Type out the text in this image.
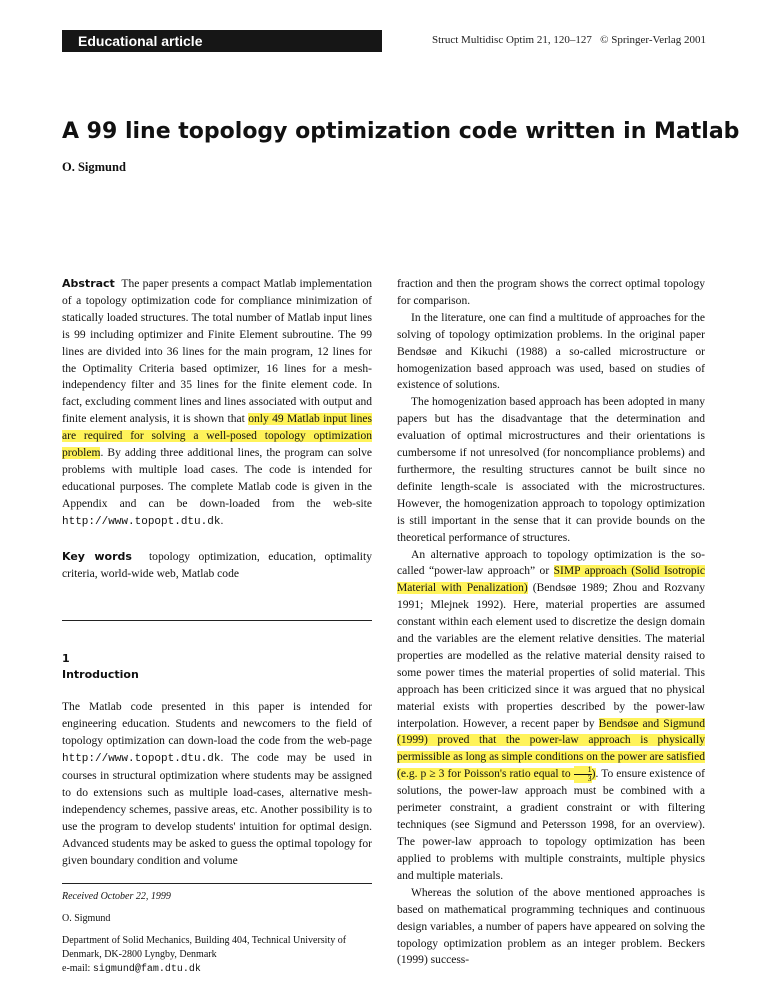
Educational article	Struct Multidisc Optim 21, 120–127 © Springer-Verlag 2001
A 99 line topology optimization code written in Matlab
O. Sigmund

Abstract The paper presents a compact Matlab implementation of a topology optimization code for compliance minimization of statically loaded structures. The total number of Matlab input lines is 99 including optimizer and Finite Element subroutine. The 99 lines are divided into 36 lines for the main program, 12 lines for the Optimality Criteria based optimizer, 16 lines for a mesh-independency filter and 35 lines for the finite element code. In fact, excluding comment lines and lines associated with output and finite element analysis, it is shown that only 49 Matlab input lines are required for solving a well-posed topology optimization problem. By adding three additional lines, the program can solve problems with multiple load cases. The code is intended for educational purposes. The complete Matlab code is given in the Appendix and can be down-loaded from the web-site http://www.topopt.dtu.dk.

Key words topology optimization, education, optimality criteria, world-wide web, Matlab code

1
Introduction

The Matlab code presented in this paper is intended for engineering education. Students and newcomers to the field of topology optimization can down-load the code from the web-page http://www.topopt.dtu.dk. The code may be used in courses in structural optimization where students may be assigned to do extensions such as multiple load-cases, alternative mesh-independency schemes, passive areas, etc. Another possibility is to use the program to develop students' intuition for optimal design. Advanced students may be asked to guess the optimal topology for given boundary condition and volume

Received October 22, 1999
O. Sigmund
Department of Solid Mechanics, Building 404, Technical University of Denmark, DK-2800 Lyngby, Denmark
e-mail: sigmund@fam.dtu.dk

fraction and then the program shows the correct optimal topology for comparison.

In the literature, one can find a multitude of approaches for the solving of topology optimization problems. In the original paper Bendsøe and Kikuchi (1988) a so-called microstructure or homogenization based approach was used, based on studies of existence of solutions.

The homogenization based approach has been adopted in many papers but has the disadvantage that the determination and evaluation of optimal microstructures and their orientations is cumbersome if not unresolved (for noncompliance problems) and furthermore, the resulting structures cannot be built since no definite length-scale is associated with the microstructures. However, the homogenization approach to topology optimization is still important in the sense that it can provide bounds on the theoretical performance of structures.

An alternative approach to topology optimization is the so-called “power-law approach” or SIMP approach (Solid Isotropic Material with Penalization) (Bendsøe 1989; Zhou and Rozvany 1991; Mlejnek 1992). Here, material properties are assumed constant within each element used to discretize the design domain and the variables are the element relative densities. The material properties are modelled as the relative material density raised to some power times the material properties of solid material. This approach has been criticized since it was argued that no physical material exists with properties described by the power-law interpolation. However, a recent paper by Bendsøe and Sigmund (1999) proved that the power-law approach is physically permissible as long as simple conditions on the power are satisfied (e.g. p ≥ 3 for Poisson's ratio equal to $\frac{1}{3}$ ). To ensure existence of solutions, the power-law approach must be combined with a perimeter constraint, a gradient constraint or with filtering techniques (see Sigmund and Petersson 1998, for an overview). The power-law approach to topology optimization has been applied to problems with multiple constraints, multiple physics and multiple materials.

Whereas the solution of the above mentioned approaches is based on mathematical programming techniques and continuous design variables, a number of papers have appeared on solving the topology optimization problem as an integer problem. Beckers (1999) success-
